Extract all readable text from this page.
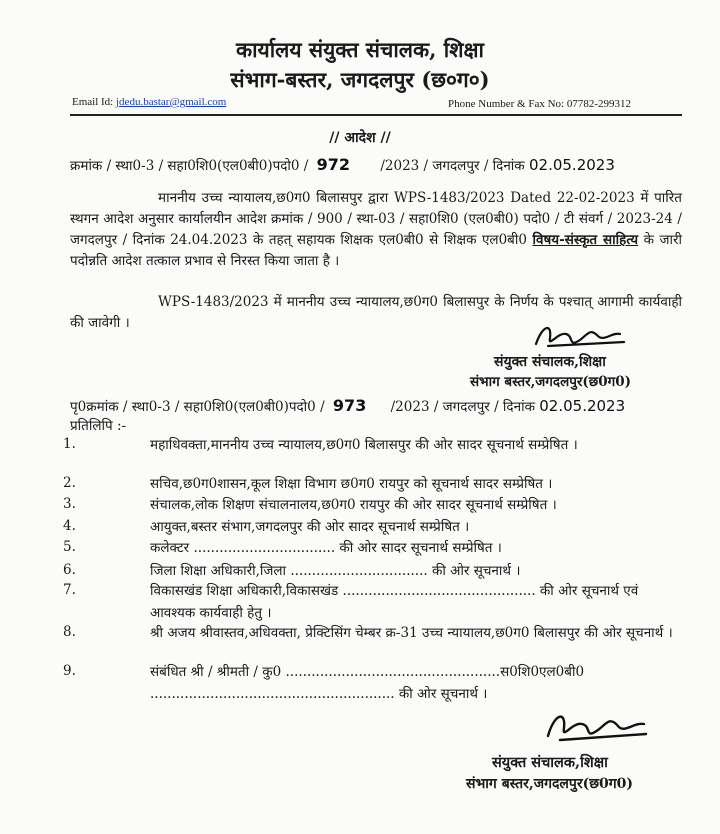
कार्यालय संयुक्त संचालक, शिक्षा
संभाग-बस्तर, जगदलपुर (छ०ग०)
Email Id: jdedu.bastar@gmail.com	Phone Number & Fax No: 07782-299312
// आदेश //
क्रमांक / स्था0-3 / सहा0शि0(एल0बी0)पदो0 / 972 /2023 / जगदलपुर / दिनांक 02.05.2023
माननीय उच्च न्यायालय,छ0ग0 बिलासपुर द्वारा WPS-1483/2023 Dated 22-02-2023 में पारित स्थगन आदेश अनुसार कार्यालयीन आदेश क्रमांक / 900 / स्था-03 / सहा0शि0 (एल0बी0) पदो0 / टी संवर्ग / 2023-24 / जगदलपुर / दिनांक 24.04.2023 के तहत् सहायक शिक्षक एल0बी0 से शिक्षक एल0बी0 विषय-संस्कृत साहित्य के जारी पदोन्नति आदेश तत्काल प्रभाव से निरस्त किया जाता है ।
WPS-1483/2023 में माननीय उच्च न्यायालय,छ0ग0 बिलासपुर के निर्णय के पश्चात् आगामी कार्यवाही की जावेगी ।
संयुक्त संचालक,शिक्षा
संभाग बस्तर,जगदलपुर(छ0ग0)
पृ0क्रमांक / स्था0-3 / सहा0शि0(एल0बी0)पदो0 / 973 /2023 / जगदलपुर / दिनांक 02.05.2023
प्रतिलिपि :-
1.	महाधिवक्ता,माननीय उच्च न्यायालय,छ0ग0 बिलासपुर की ओर सादर सूचनार्थ सम्प्रेषित ।
2.	सचिव,छ0ग0शासन,कूल शिक्षा विभाग छ0ग0 रायपुर को सूचनार्थ सादर सम्प्रेषित ।
3.	संचालक,लोक शिक्षण संचालनालय,छ0ग0 रायपुर की ओर सादर सूचनार्थ सम्प्रेषित ।
4.	आयुक्त,बस्तर संभाग,जगदलपुर की ओर सादर सूचनार्थ सम्प्रेषित ।
5.	कलेक्टर ................................. की ओर सादर सूचनार्थ सम्प्रेषित ।
6.	जिला शिक्षा अधिकारी,जिला ................................ की ओर सूचनार्थ ।
7.	विकासखंड शिक्षा अधिकारी,विकासखंड ............................................. की ओर सूचनार्थ एवं आवश्यक कार्यवाही हेतु ।
8.	श्री अजय श्रीवास्तव,अधिवक्ता, प्रेक्टिसिंग चेम्बर क्र-31 उच्च न्यायालय,छ0ग0 बिलासपुर की ओर सूचनार्थ ।
9.	संबंधित श्री / श्रीमती / कु0 ..................................................स0शि0एल0बी0 ......................................................... की ओर सूचनार्थ ।
संयुक्त संचालक,शिक्षा
संभाग बस्तर,जगदलपुर(छ0ग0)
